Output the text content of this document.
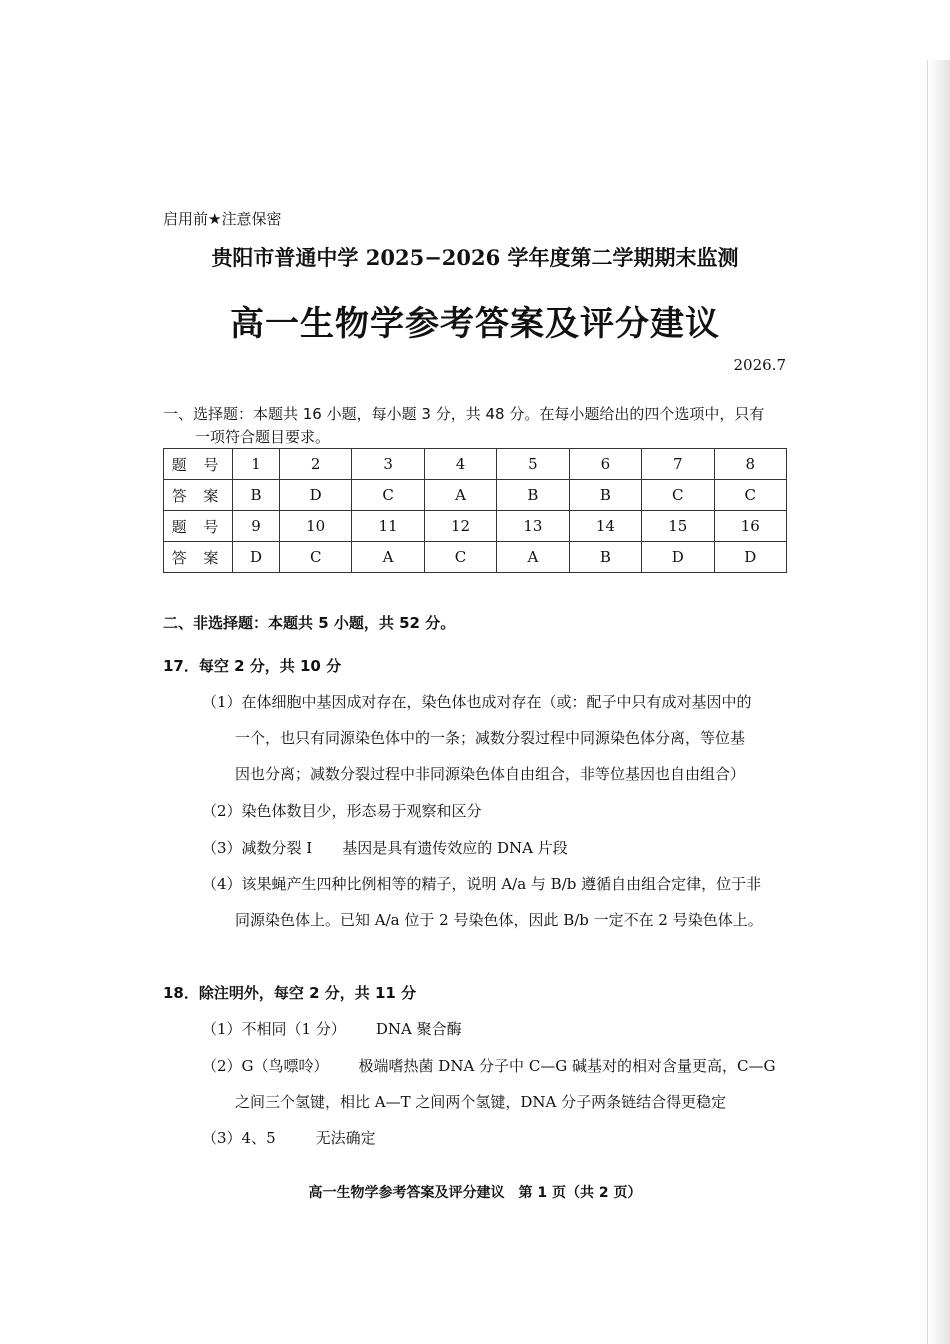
启用前★注意保密
贵阳市普通中学 2025−2026 学年度第二学期期末监测
高一生物学参考答案及评分建议
2026.7
一、选择题：本题共 16 小题，每小题 3 分，共 48 分。在每小题给出的四个选项中，只有
一项符合题目要求。
题 号	1	2	3	4	5	6	7	8
答 案	B	D	C	A	B	B	C	C
题 号	9	10	11	12	13	14	15	16
答 案	D	C	A	C	A	B	D	D
二、非选择题：本题共 5 小题，共 52 分。
17．每空 2 分，共 10 分
（1）在体细胞中基因成对存在，染色体也成对存在（或：配子中只有成对基因中的
一个，也只有同源染色体中的一条；减数分裂过程中同源染色体分离，等位基
因也分离；减数分裂过程中非同源染色体自由组合，非等位基因也自由组合）
（2）染色体数目少，形态易于观察和区分
（3）减数分裂 I 基因是具有遗传效应的 DNA 片段
（4）该果蝇产生四种比例相等的精子，说明 A/a 与 B/b 遵循自由组合定律，位于非
同源染色体上。已知 A/a 位于 2 号染色体，因此 B/b 一定不在 2 号染色体上。
18．除注明外，每空 2 分，共 11 分
（1）不相同（1 分） DNA 聚合酶
（2）G（鸟嘌呤） 极端嗜热菌 DNA 分子中 C—G 碱基对的相对含量更高，C—G
之间三个氢键，相比 A—T 之间两个氢键，DNA 分子两条链结合得更稳定
（3）4、5	无法确定
高一生物学参考答案及评分建议　第 1 页（共 2 页）
